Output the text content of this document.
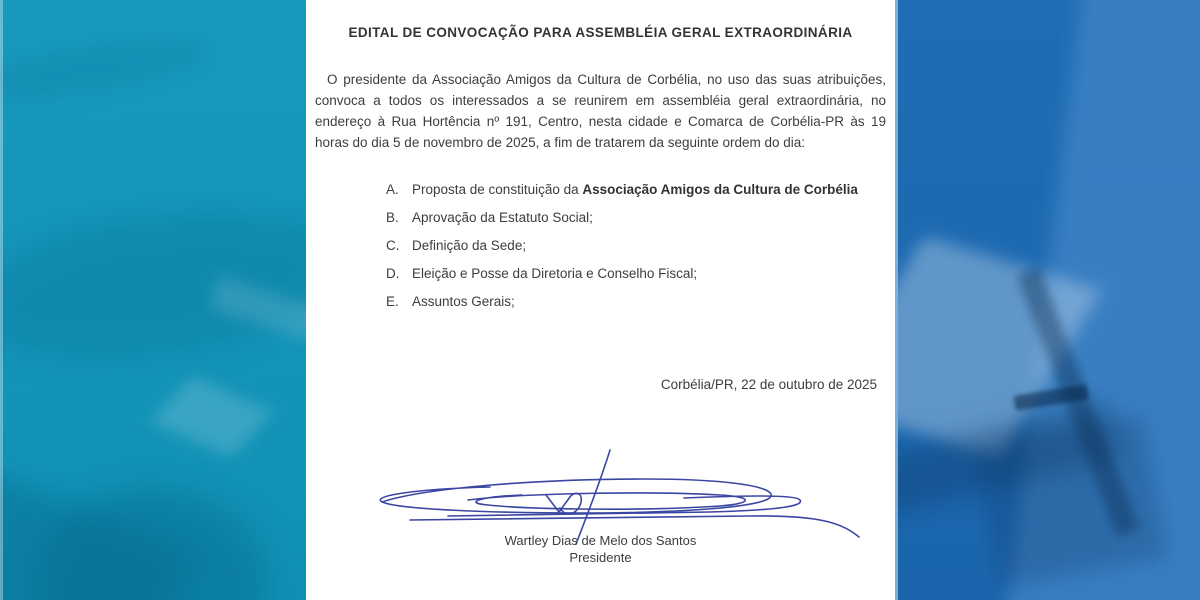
EDITAL DE CONVOCAÇÃO PARA ASSEMBLÉIA GERAL EXTRAORDINÁRIA
O presidente da Associação Amigos da Cultura de Corbélia, no uso das suas atribuições, convoca a todos os interessados a se reunirem em assembléia geral extraordinária, no endereço à Rua Hortência nº 191, Centro, nesta cidade e Comarca de Corbélia-PR às 19 horas do dia 5 de novembro de 2025, a fim de tratarem da seguinte ordem do dia:
A. Proposta de constituição da Associação Amigos da Cultura de Corbélia
B. Aprovação da Estatuto Social;
C. Definição da Sede;
D. Eleição e Posse da Diretoria e Conselho Fiscal;
E. Assuntos Gerais;
Corbélia/PR, 22 de outubro de 2025
Wartley Dias de Melo dos Santos
Presidente
